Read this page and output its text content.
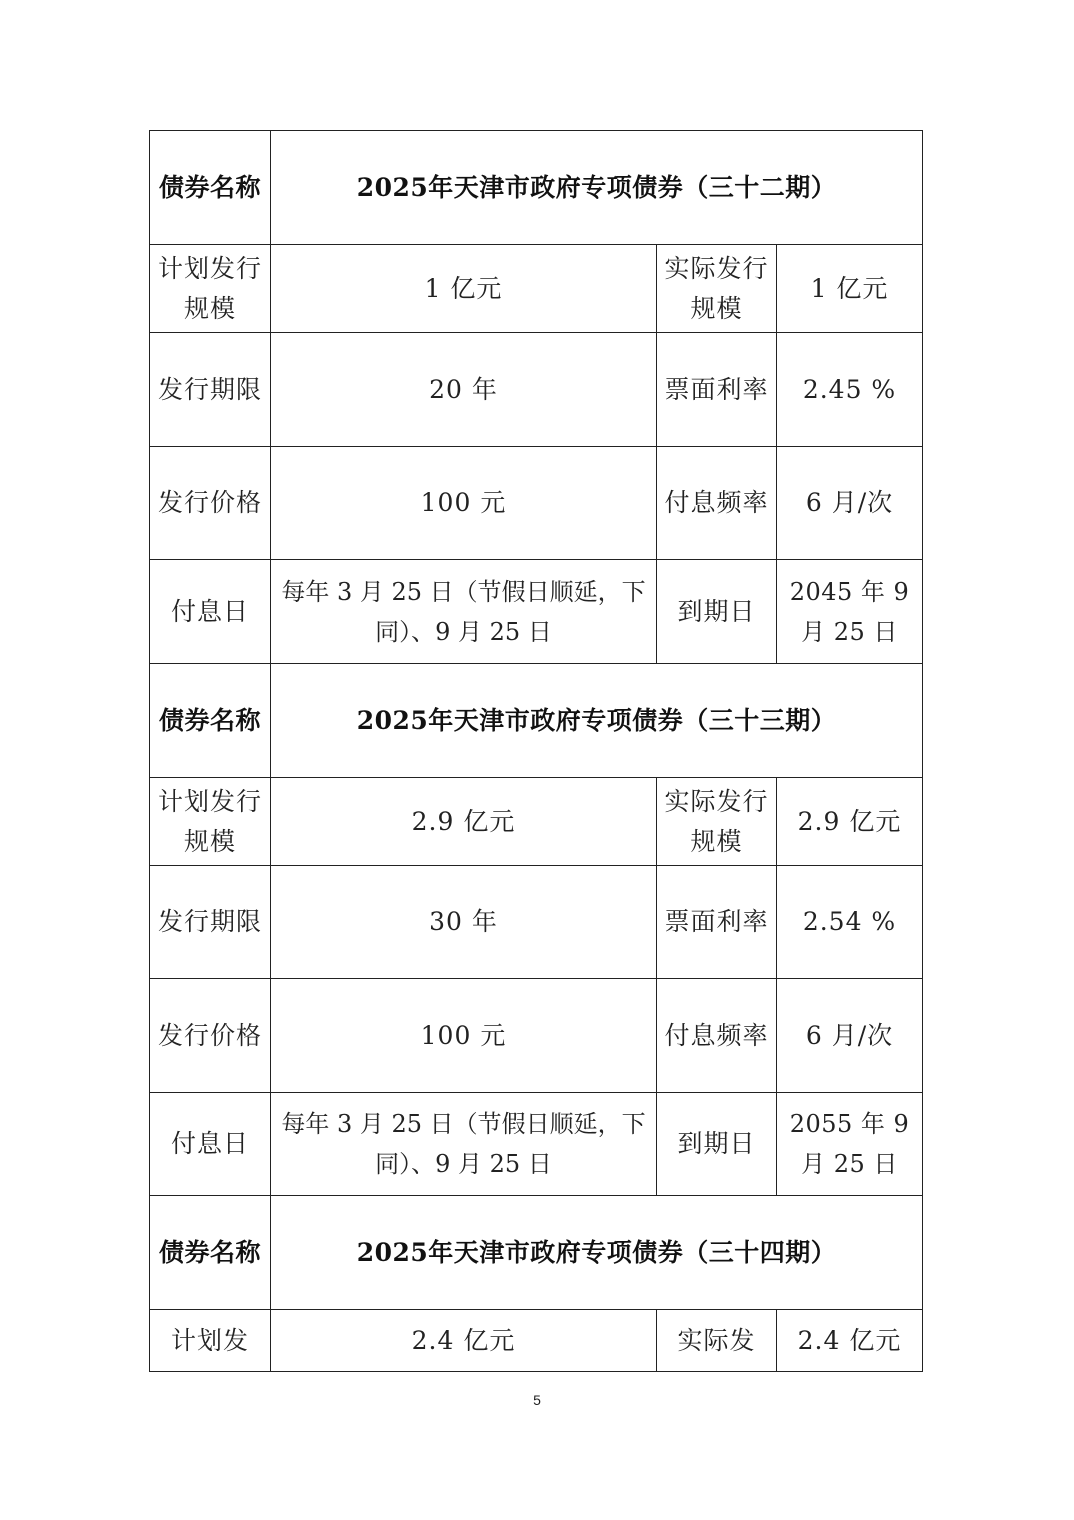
债券名称	2025年天津市政府专项债券（三十二期）		
计划发行规模	1 亿元	实际发行规模	1 亿元
发行期限	20 年	票面利率	2.45 %
发行价格	100 元	付息频率	6 月/次
付息日	每年 3 月 25 日（节假日顺延，下同）、9 月 25 日	到期日	2045 年 9 月 25 日
债券名称	2025年天津市政府专项债券（三十三期）		
计划发行规模	2.9 亿元	实际发行规模	2.9 亿元
发行期限	30 年	票面利率	2.54 %
发行价格	100 元	付息频率	6 月/次
付息日	每年 3 月 25 日（节假日顺延，下同）、9 月 25 日	到期日	2055 年 9 月 25 日
债券名称	2025年天津市政府专项债券（三十四期）		
计划发	2.4 亿元	实际发	2.4 亿元
5
